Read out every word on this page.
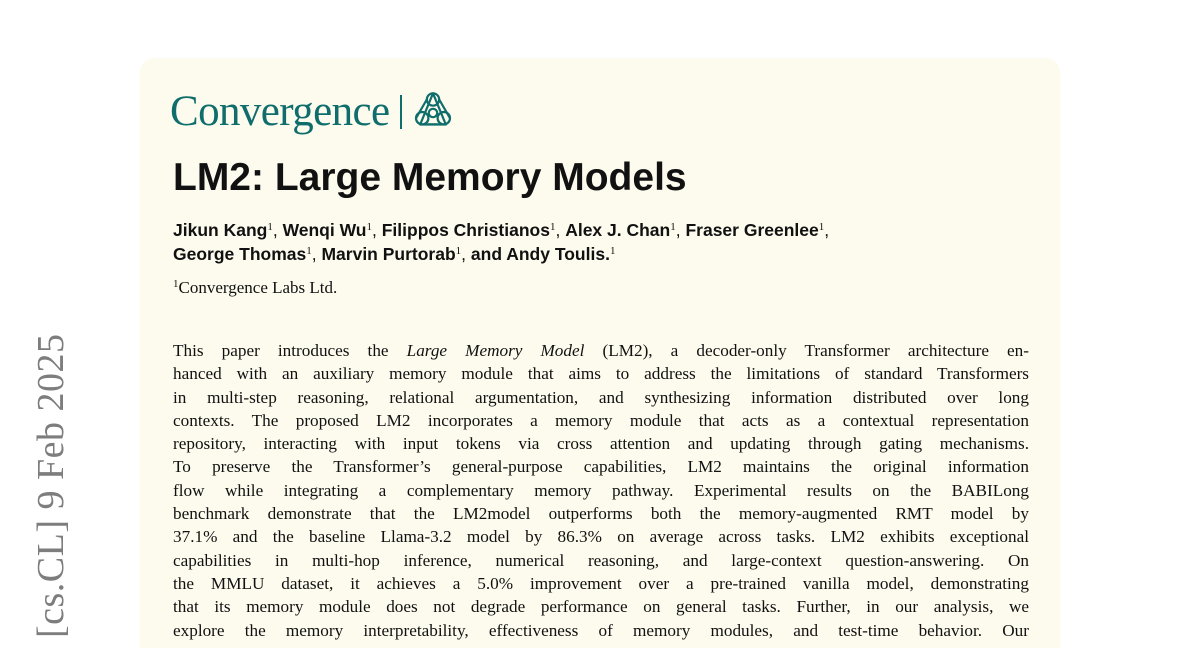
[cs.CL] 9 Feb 2025
Convergence
LM2: Large Memory Models
Jikun Kang$^1$, Wenqi Wu$^1$, Filippos Christianos$^1$, Alex J. Chan$^1$, Fraser Greenlee$^1$,
George Thomas$^1$, Marvin Purtorab$^1$, and Andy Toulis.$^1$
$^1$Convergence Labs Ltd.
This paper introduces the Large Memory Model (LM2), a decoder-only Transformer architecture en-
hanced with an auxiliary memory module that aims to address the limitations of standard Transformers
in multi-step reasoning, relational argumentation, and synthesizing information distributed over long
contexts. The proposed LM2 incorporates a memory module that acts as a contextual representation
repository, interacting with input tokens via cross attention and updating through gating mechanisms.
To preserve the Transformer’s general-purpose capabilities, LM2 maintains the original information
flow while integrating a complementary memory pathway. Experimental results on the BABILong
benchmark demonstrate that the LM2model outperforms both the memory-augmented RMT model by
37.1% and the baseline Llama-3.2 model by 86.3% on average across tasks. LM2 exhibits exceptional
capabilities in multi-hop inference, numerical reasoning, and large-context question-answering. On
the MMLU dataset, it achieves a 5.0% improvement over a pre-trained vanilla model, demonstrating
that its memory module does not degrade performance on general tasks. Further, in our analysis, we
explore the memory interpretability, effectiveness of memory modules, and test-time behavior. Our
